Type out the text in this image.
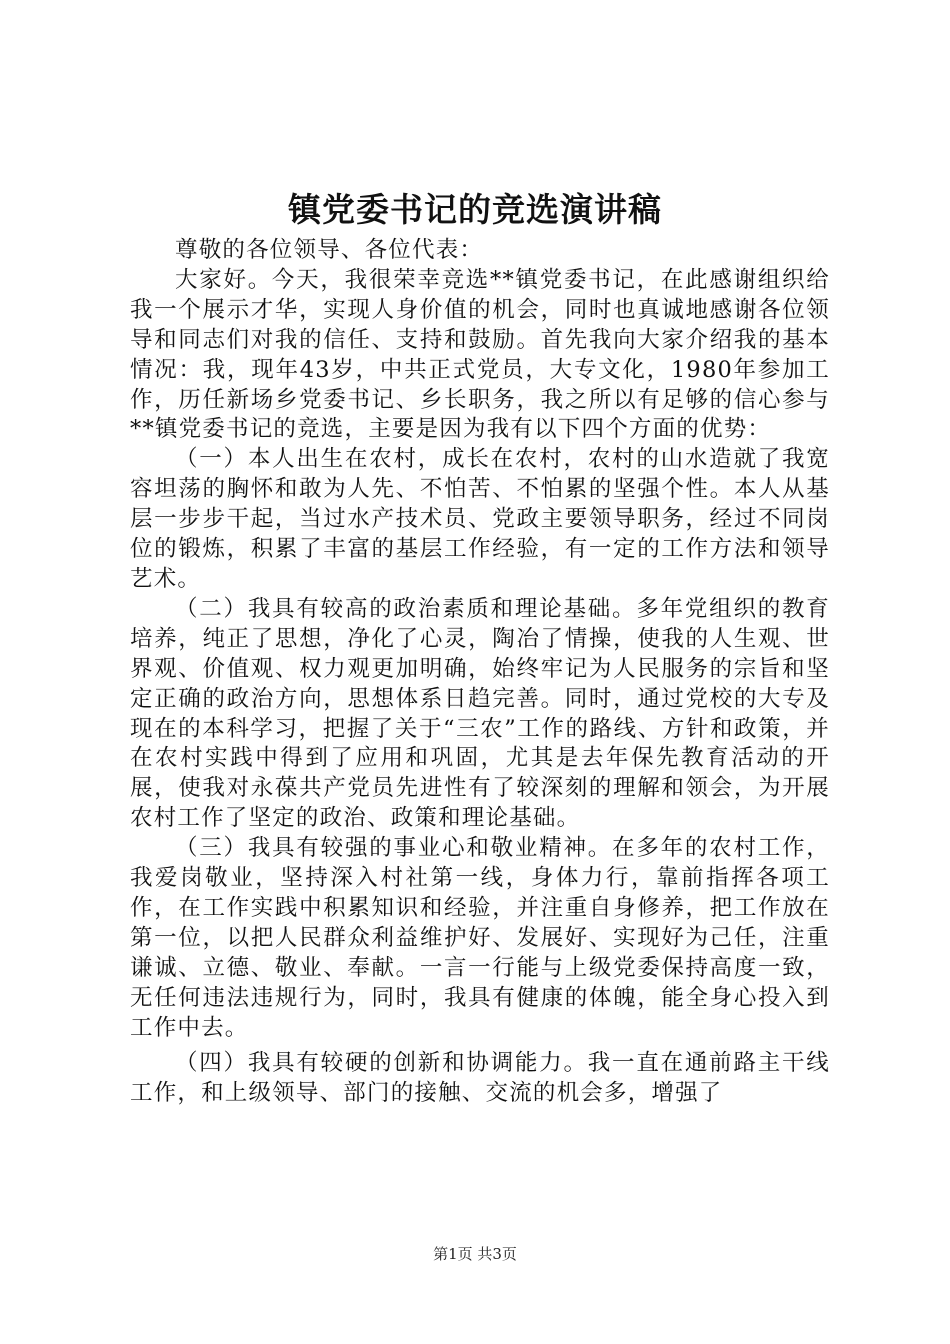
镇党委书记的竞选演讲稿

尊敬的各位领导、各位代表：

大家好。今天，我很荣幸竞选**镇党委书记，在此感谢组织给我一个展示才华，实现人身价值的机会，同时也真诚地感谢各位领导和同志们对我的信任、支持和鼓励。首先我向大家介绍我的基本情况：我，现年43岁，中共正式党员，大专文化，1980年参加工作，历任新场乡党委书记、乡长职务，我之所以有足够的信心参与**镇党委书记的竞选，主要是因为我有以下四个方面的优势：

（一）本人出生在农村，成长在农村，农村的山水造就了我宽容坦荡的胸怀和敢为人先、不怕苦、不怕累的坚强个性。本人从基层一步步干起，当过水产技术员、党政主要领导职务，经过不同岗位的锻炼，积累了丰富的基层工作经验，有一定的工作方法和领导艺术。

（二）我具有较高的政治素质和理论基础。多年党组织的教育培养，纯正了思想，净化了心灵，陶冶了情操，使我的人生观、世界观、价值观、权力观更加明确，始终牢记为人民服务的宗旨和坚定正确的政治方向，思想体系日趋完善。同时，通过党校的大专及现在的本科学习，把握了关于“三农”工作的路线、方针和政策，并在农村实践中得到了应用和巩固，尤其是去年保先教育活动的开展，使我对永葆共产党员先进性有了较深刻的理解和领会，为开展农村工作了坚定的政治、政策和理论基础。

（三）我具有较强的事业心和敬业精神。在多年的农村工作，我爱岗敬业，坚持深入村社第一线，身体力行，靠前指挥各项工作，在工作实践中积累知识和经验，并注重自身修养，把工作放在第一位，以把人民群众利益维护好、发展好、实现好为己任，注重谦诚、立德、敬业、奉献。一言一行能与上级党委保持高度一致，无任何违法违规行为，同时，我具有健康的体魄，能全身心投入到工作中去。

（四）我具有较硬的创新和协调能力。我一直在通前路主干线工作，和上级领导、部门的接触、交流的机会多，增强了

第1页 共3页
